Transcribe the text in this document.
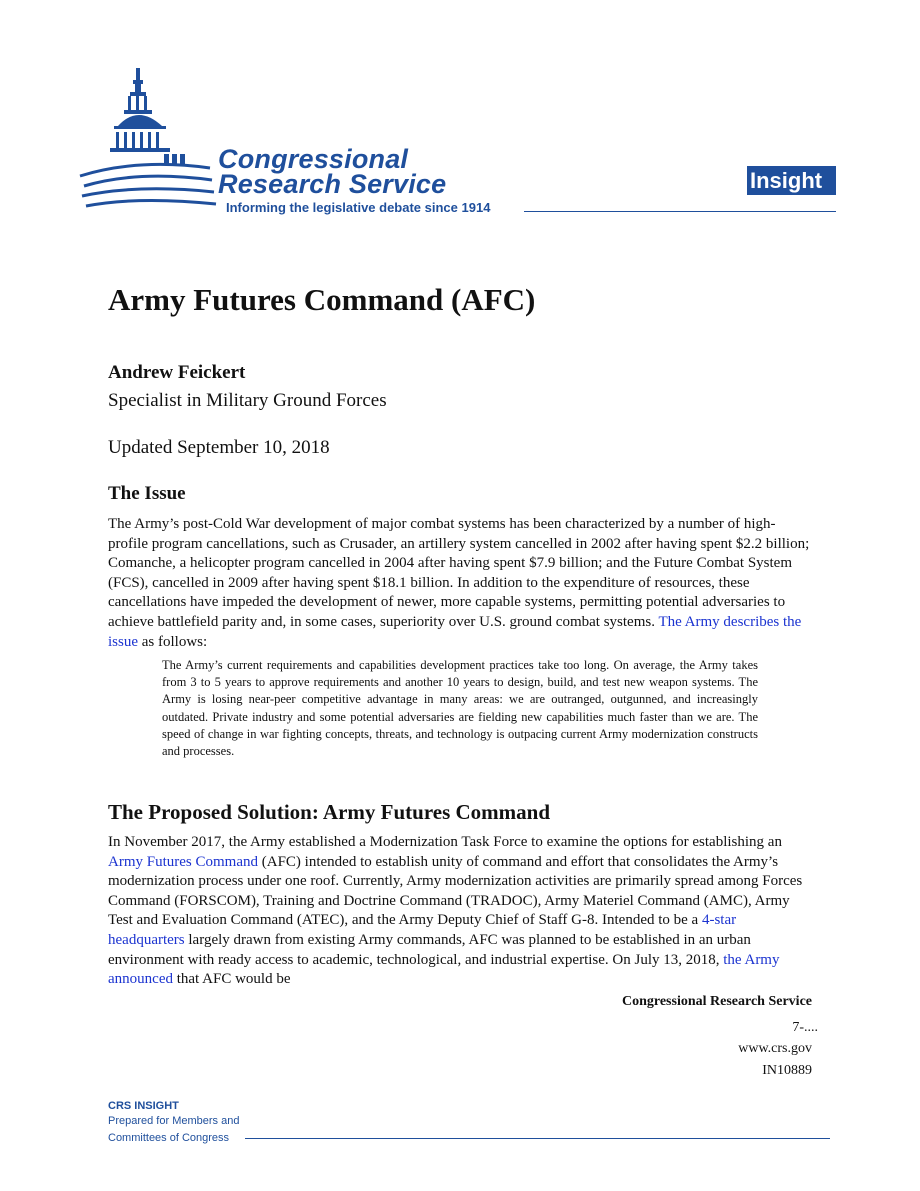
Congressional
Research Service
Informing the legislative debate since 1914
Insight
Army Futures Command (AFC)
Andrew Feickert
Specialist in Military Ground Forces
Updated September 10, 2018
The Issue

The Army’s post-Cold War development of major combat systems has been characterized by a number of high-profile program cancellations, such as Crusader, an artillery system cancelled in 2002 after having spent $2.2 billion; Comanche, a helicopter program cancelled in 2004 after having spent $7.9 billion; and the Future Combat System (FCS), cancelled in 2009 after having spent $18.1 billion. In addition to the expenditure of resources, these cancellations have impeded the development of newer, more capable systems, permitting potential adversaries to achieve battlefield parity and, in some cases, superiority over U.S. ground combat systems. The Army describes the issue as follows:

The Army’s current requirements and capabilities development practices take too long. On average, the Army takes from 3 to 5 years to approve requirements and another 10 years to design, build, and test new weapon systems. The Army is losing near-peer competitive advantage in many areas: we are outranged, outgunned, and increasingly outdated. Private industry and some potential adversaries are fielding new capabilities much faster than we are. The speed of change in war fighting concepts, threats, and technology is outpacing current Army modernization constructs and processes.

The Proposed Solution: Army Futures Command

In November 2017, the Army established a Modernization Task Force to examine the options for establishing an Army Futures Command (AFC) intended to establish unity of command and effort that consolidates the Army’s modernization process under one roof. Currently, Army modernization activities are primarily spread among Forces Command (FORSCOM), Training and Doctrine Command (TRADOC), Army Materiel Command (AMC), Army Test and Evaluation Command (ATEC), and the Army Deputy Chief of Staff G-8. Intended to be a 4-star headquarters largely drawn from existing Army commands, AFC was planned to be established in an urban environment with ready access to academic, technological, and industrial expertise. On July 13, 2018, the Army announced that AFC would be

Congressional Research Service
7-....
www.crs.gov
IN10889
CRS INSIGHT
Prepared for Members and
Committees of Congress
